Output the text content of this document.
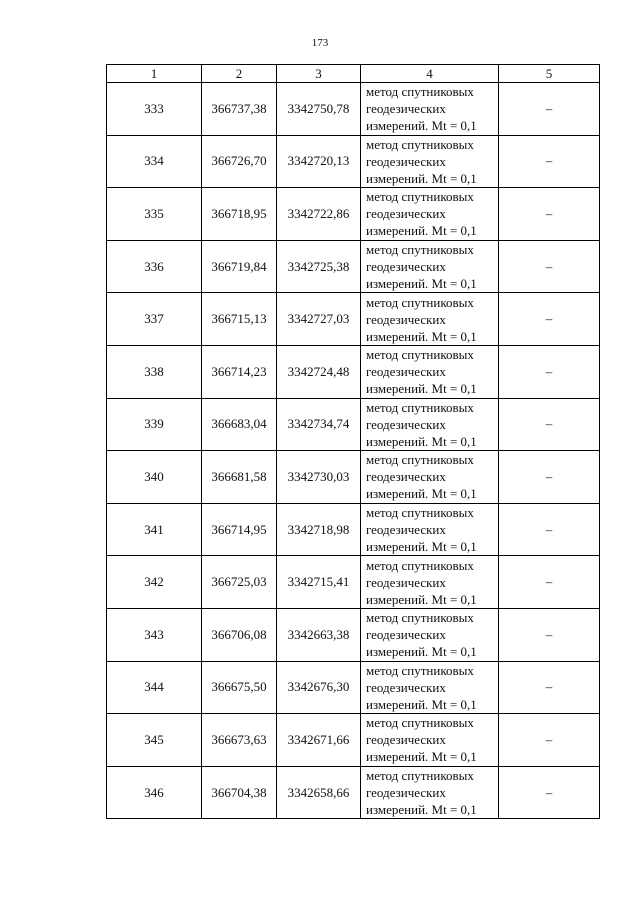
173
1	2	3	4	5
333	366737,38	3342750,78	метод спутниковых
геодезических
измерений. Mt = 0,1	–
334	366726,70	3342720,13	метод спутниковых
геодезических
измерений. Mt = 0,1	–
335	366718,95	3342722,86	метод спутниковых
геодезических
измерений. Mt = 0,1	–
336	366719,84	3342725,38	метод спутниковых
геодезических
измерений. Mt = 0,1	–
337	366715,13	3342727,03	метод спутниковых
геодезических
измерений. Mt = 0,1	–
338	366714,23	3342724,48	метод спутниковых
геодезических
измерений. Mt = 0,1	–
339	366683,04	3342734,74	метод спутниковых
геодезических
измерений. Mt = 0,1	–
340	366681,58	3342730,03	метод спутниковых
геодезических
измерений. Mt = 0,1	–
341	366714,95	3342718,98	метод спутниковых
геодезических
измерений. Mt = 0,1	–
342	366725,03	3342715,41	метод спутниковых
геодезических
измерений. Mt = 0,1	–
343	366706,08	3342663,38	метод спутниковых
геодезических
измерений. Mt = 0,1	–
344	366675,50	3342676,30	метод спутниковых
геодезических
измерений. Mt = 0,1	–
345	366673,63	3342671,66	метод спутниковых
геодезических
измерений. Mt = 0,1	–
346	366704,38	3342658,66	метод спутниковых
геодезических
измерений. Mt = 0,1	–
